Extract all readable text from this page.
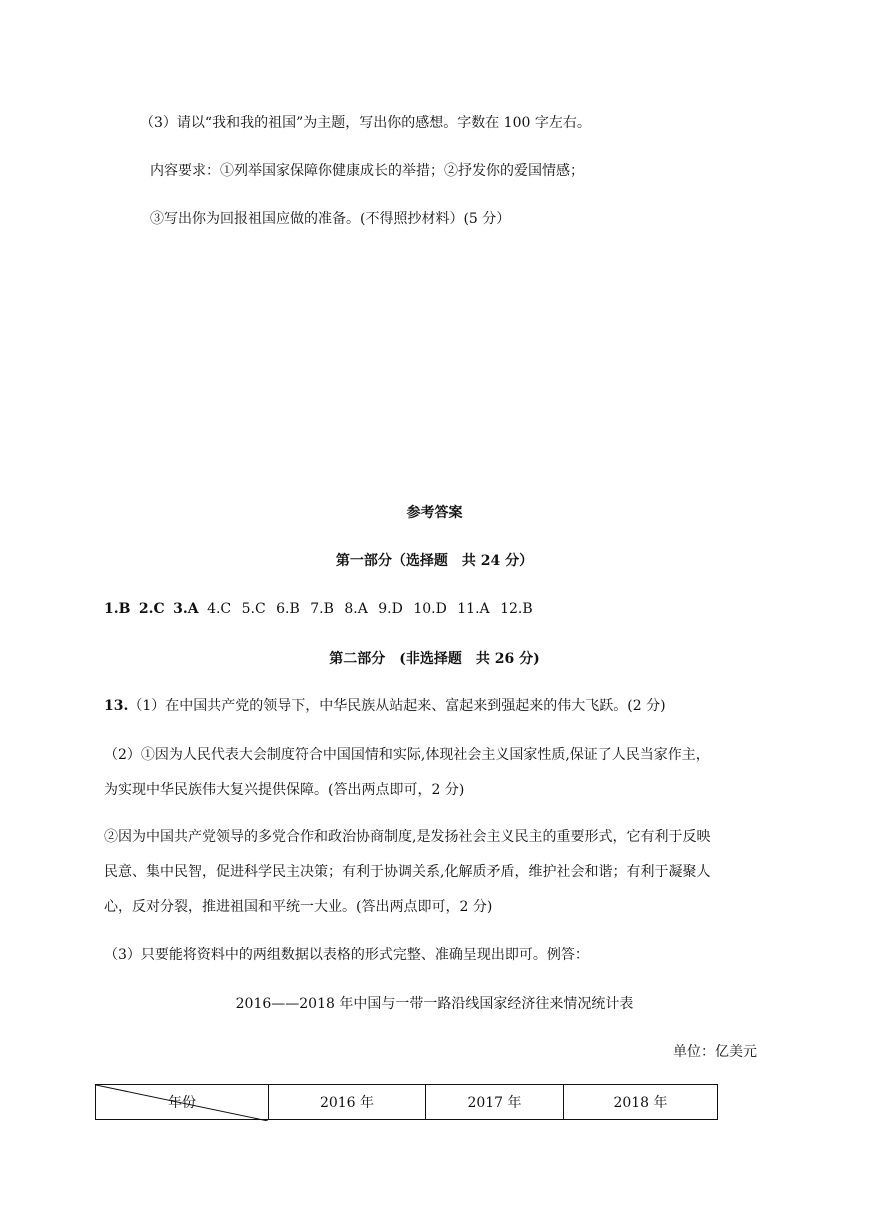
（3）请以“我和我的祖国”为主题，写出你的感想。字数在 100 字左右。
内容要求：①列举国家保障你健康成长的举措；②抒发你的爱国情感；
③写出你为回报祖国应做的准备。(不得照抄材料）(5 分）
参考答案
第一部分（选择题　共 24 分）
1.B 2.C 3.A 4.C 5.C 6.B 7.B 8.A 9.D 10.D 11.A 12.B
第二部分　(非选择题　共 26 分)
13.（1）在中国共产党的领导下，中华民族从站起来、富起来到强起来的伟大飞跃。(2 分)
（2）①因为人民代表大会制度符合中国国情和实际,体现社会主义国家性质,保证了人民当家作主，
为实现中华民族伟大复兴提供保障。(答出两点即可，2 分)
②因为中国共产党领导的多党合作和政治协商制度,是发扬社会主义民主的重要形式，它有利于反映
民意、集中民智，促进科学民主决策；有利于协调关系,化解质矛盾，维护社会和谐；有利于凝聚人
心，反对分裂，推进祖国和平统一大业。(答出两点即可，2 分)
（3）只要能将资料中的两组数据以表格的形式完整、准确呈现出即可。例答：
2016——2018 年中国与一带一路沿线国家经济往来情况统计表
单位：亿美元
年份	2016 年	2017 年	2018 年
